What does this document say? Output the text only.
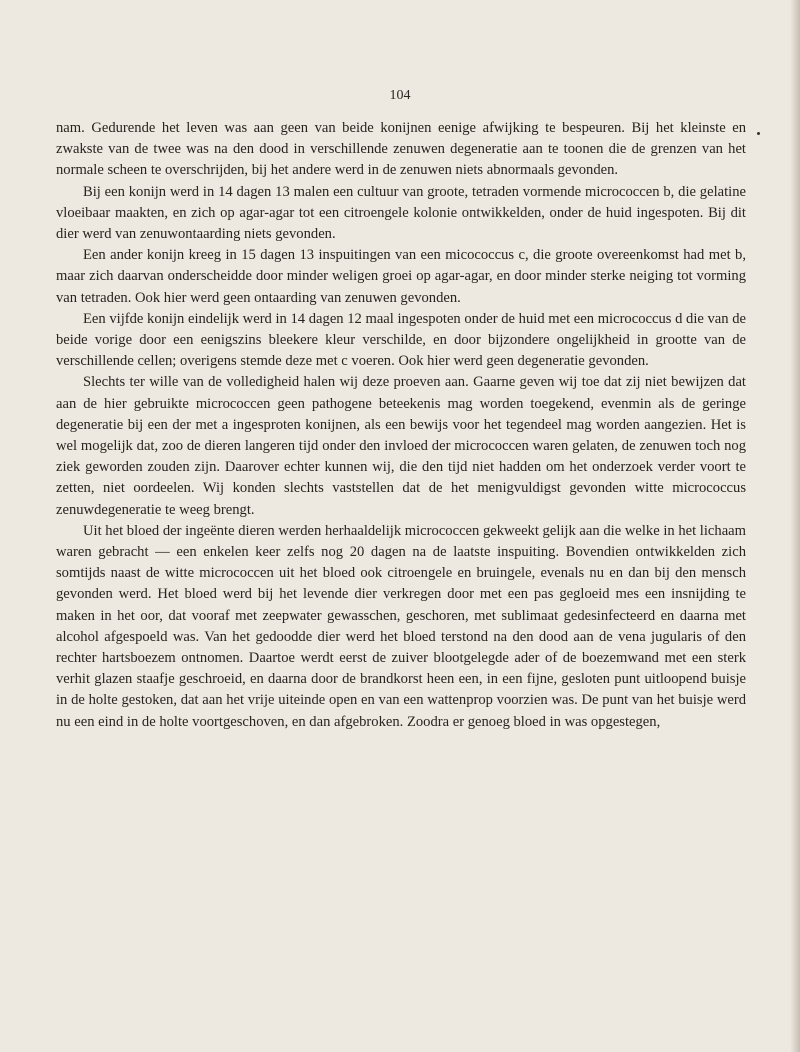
104

nam. Gedurende het leven was aan geen van beide konijnen eenige afwijking te bespeuren. Bij het kleinste en zwakste van de twee was na den dood in verschillende zenuwen degeneratie aan te toonen die de grenzen van het normale scheen te overschrijden, bij het andere werd in de zenuwen niets abnormaals gevonden.

Bij een konijn werd in 14 dagen 13 malen een cultuur van groote, tetraden vormende micrococcen b, die gelatine vloeibaar maakten, en zich op agar-agar tot een citroengele kolonie ontwikkelden, onder de huid ingespoten. Bij dit dier werd van zenuwontaarding niets gevonden.

Een ander konijn kreeg in 15 dagen 13 inspuitingen van een micococcus c, die groote overeenkomst had met b, maar zich daarvan onderscheidde door minder weligen groei op agar-agar, en door minder sterke neiging tot vorming van tetraden. Ook hier werd geen ontaarding van zenuwen gevonden.

Een vijfde konijn eindelijk werd in 14 dagen 12 maal ingespoten onder de huid met een micrococcus d die van de beide vorige door een eenigszins bleekere kleur verschilde, en door bijzondere ongelijkheid in grootte van de verschillende cellen; overigens stemde deze met c voeren. Ook hier werd geen degeneratie gevonden.

Slechts ter wille van de volledigheid halen wij deze proeven aan. Gaarne geven wij toe dat zij niet bewijzen dat aan de hier gebruikte micrococcen geen pathogene beteekenis mag worden toegekend, evenmin als de geringe degeneratie bij een der met a ingesproten konijnen, als een bewijs voor het tegendeel mag worden aangezien. Het is wel mogelijk dat, zoo de dieren langeren tijd onder den invloed der micrococcen waren gelaten, de zenuwen toch nog ziek geworden zouden zijn. Daarover echter kunnen wij, die den tijd niet hadden om het onderzoek verder voort te zetten, niet oordeelen. Wij konden slechts vaststellen dat de het menigvuldigst gevonden witte micrococcus zenuwdegeneratie te weeg brengt.

Uit het bloed der ingeënte dieren werden herhaaldelijk micrococcen gekweekt gelijk aan die welke in het lichaam waren gebracht — een enkelen keer zelfs nog 20 dagen na de laatste inspuiting. Bovendien ontwikkelden zich somtijds naast de witte micrococcen uit het bloed ook citroengele en bruingele, evenals nu en dan bij den mensch gevonden werd. Het bloed werd bij het levende dier verkregen door met een pas gegloeid mes een insnijding te maken in het oor, dat vooraf met zeepwater gewasschen, geschoren, met sublimaat gedesinfecteerd en daarna met alcohol afgespoeld was. Van het gedoodde dier werd het bloed terstond na den dood aan de vena jugularis of den rechter hartsboezem ontnomen. Daartoe werdt eerst de zuiver blootgelegde ader of de boezemwand met een sterk verhit glazen staafje geschroeid, en daarna door de brandkorst heen een, in een fijne, gesloten punt uitloopend buisje in de holte gestoken, dat aan het vrije uiteinde open en van een wattenprop voorzien was. De punt van het buisje werd nu een eind in de holte voortgeschoven, en dan afgebroken. Zoodra er genoeg bloed in was opgestegen,
